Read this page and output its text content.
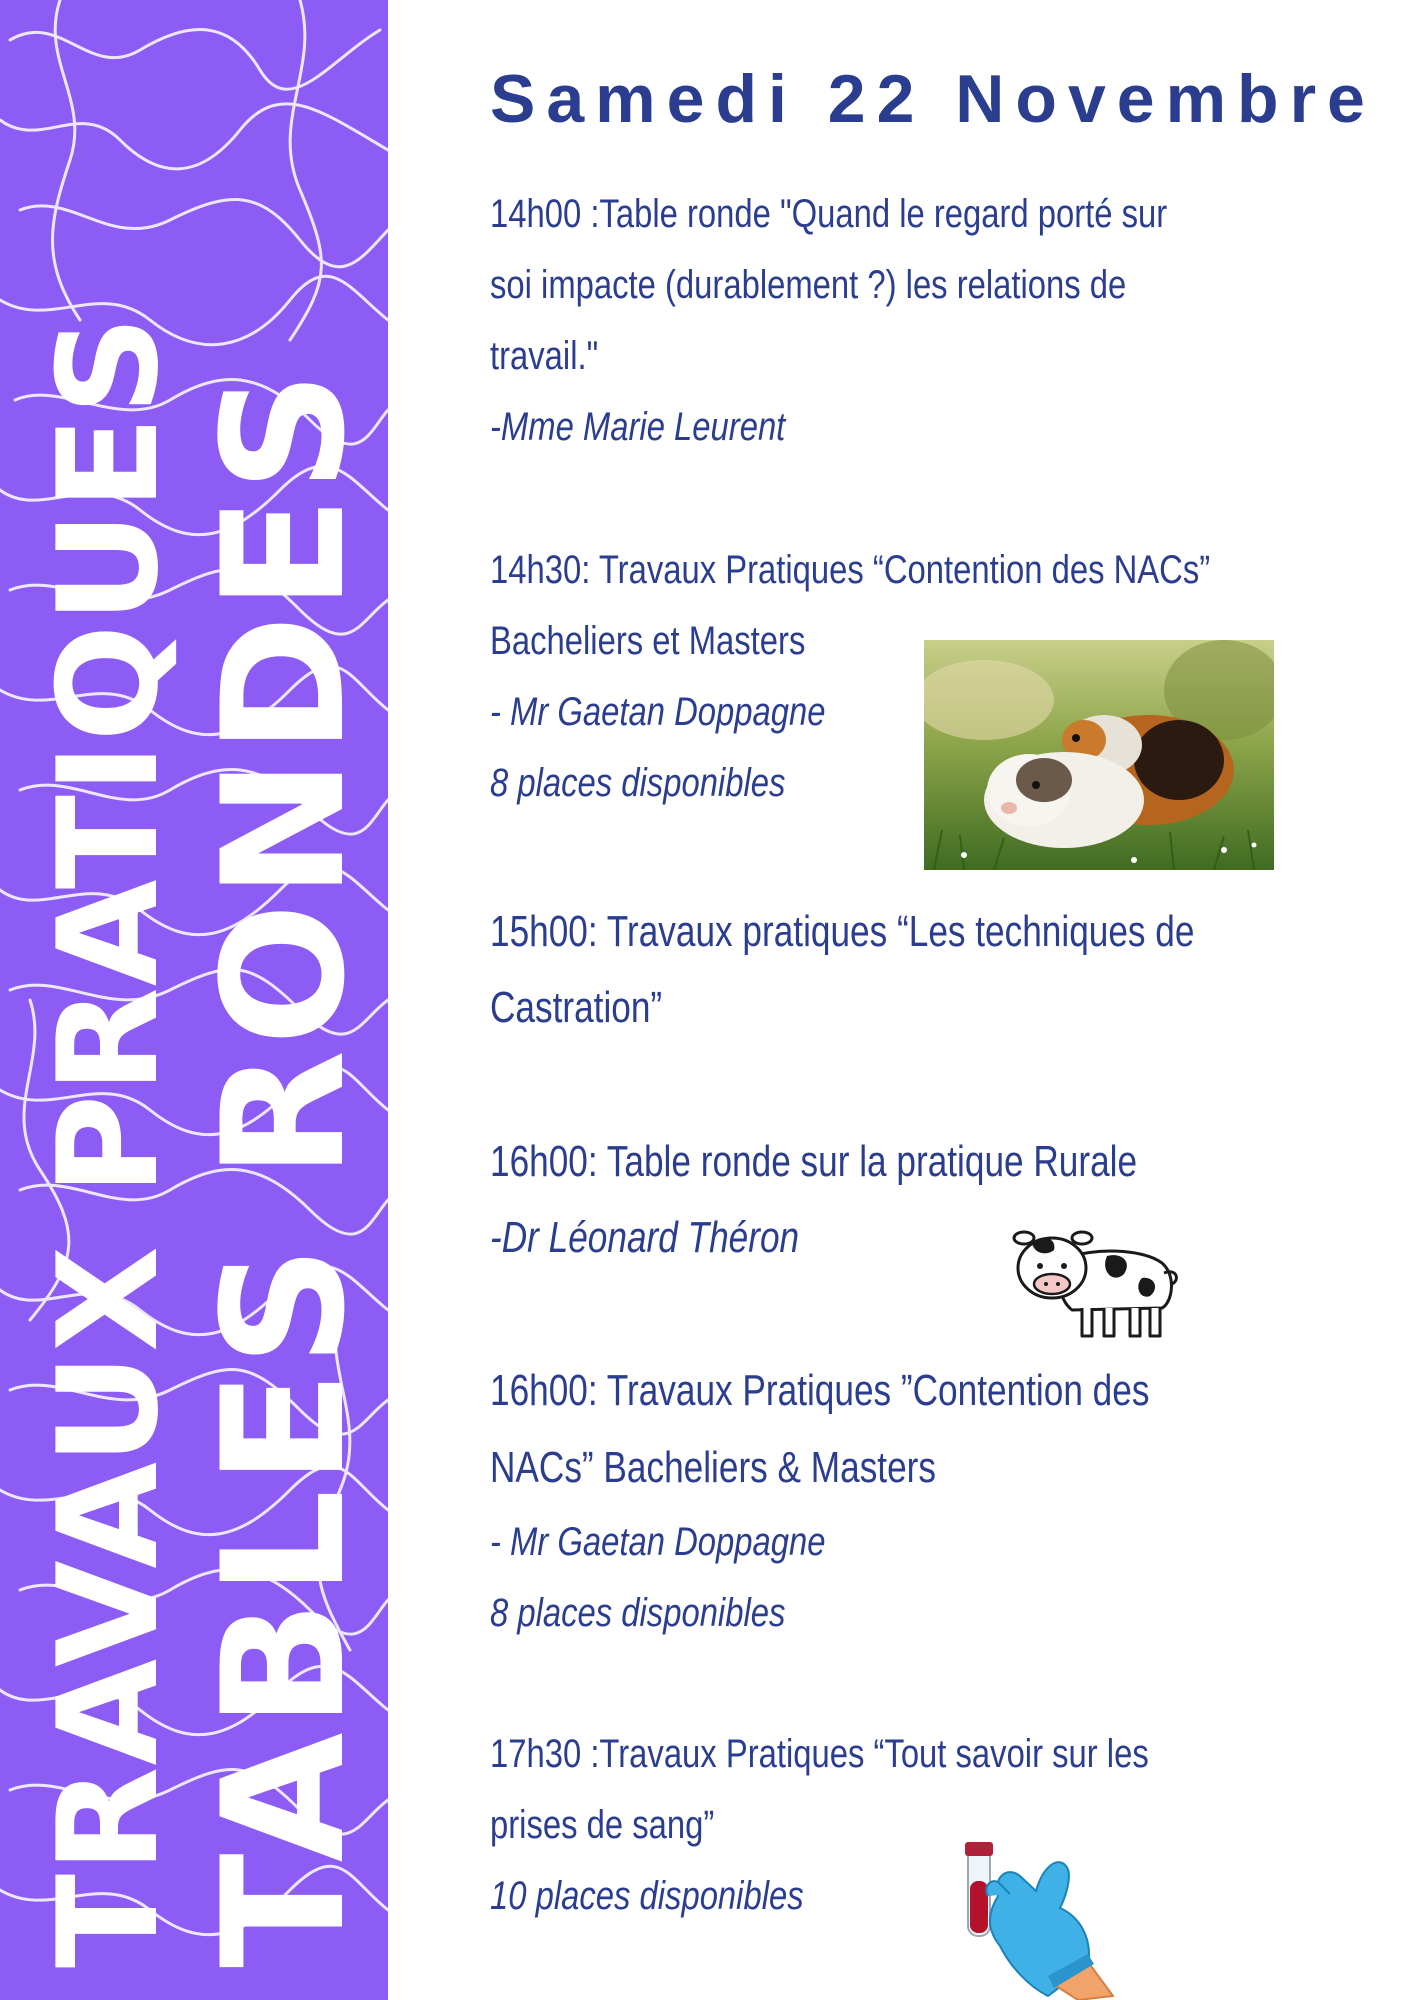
TRAVAUX PRATIQUES
TABLES RONDES
Samedi 22 Novembre
14h00 :Table ronde "Quand le regard porté sur
soi impacte (durablement ?) les relations de
travail."
-Mme Marie Leurent
14h30: Travaux Pratiques “Contention des NACs”
Bacheliers et Masters
- Mr Gaetan Doppagne
8 places disponibles
15h00: Travaux pratiques “Les techniques de
Castration”
16h00: Table ronde sur la pratique Rurale
-Dr Léonard Théron
16h00: Travaux Pratiques ”Contention des
NACs” Bacheliers & Masters
- Mr Gaetan Doppagne
8 places disponibles
17h30 :Travaux Pratiques “Tout savoir sur les
prises de sang”
10 places disponibles
